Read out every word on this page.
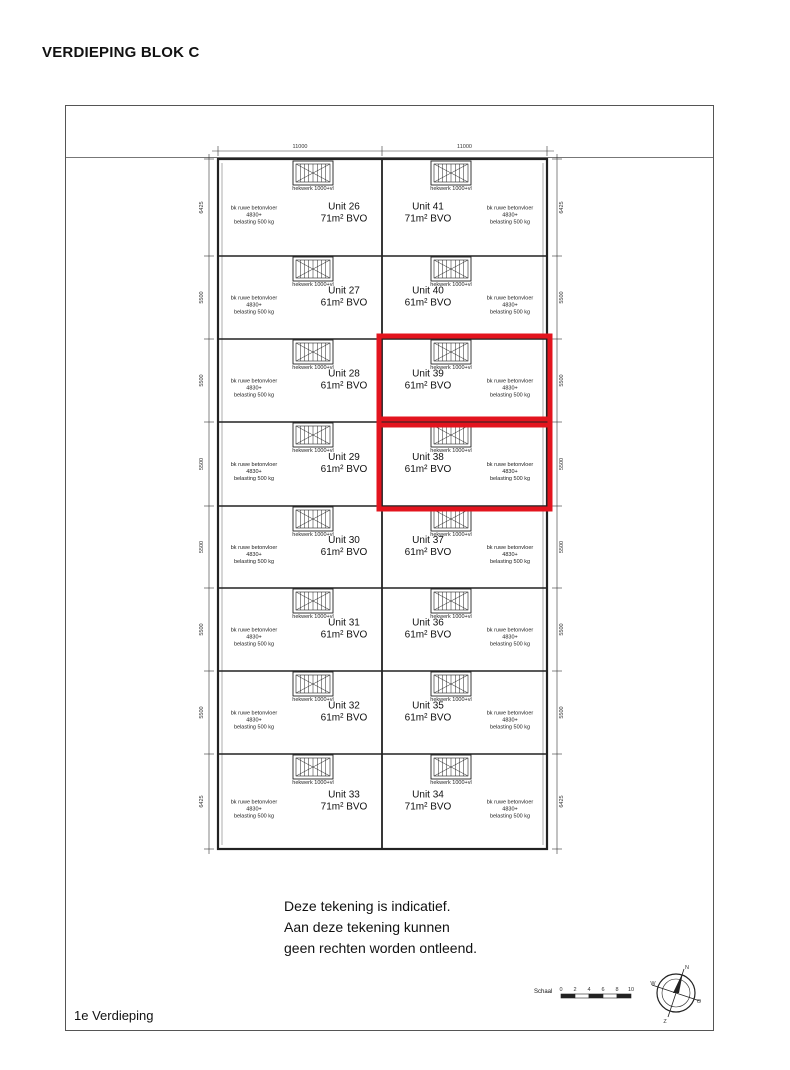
VERDIEPING BLOK C
11000	11000
6425	6425
5500	5500
5500	5500
5500	5500
5500	5500
5500	5500
5500	5500
6425	6425
hekwerk 1000+vl
bk ruwe betonvloer
4830+
belasting 500 kg
Unit 26
71m² BVO
hekwerk 1000+vl
bk ruwe betonvloer
4830+
belasting 500 kg
Unit 41
71m² BVO
hekwerk 1000+vl
bk ruwe betonvloer
4830+
belasting 500 kg
Unit 27
61m² BVO
hekwerk 1000+vl
bk ruwe betonvloer
4830+
belasting 500 kg
Unit 40
61m² BVO
hekwerk 1000+vl
bk ruwe betonvloer
4830+
belasting 500 kg
Unit 28
61m² BVO
hekwerk 1000+vl
bk ruwe betonvloer
4830+
belasting 500 kg
Unit 39
61m² BVO
hekwerk 1000+vl
bk ruwe betonvloer
4830+
belasting 500 kg
Unit 29
61m² BVO
hekwerk 1000+vl
bk ruwe betonvloer
4830+
belasting 500 kg
Unit 38
61m² BVO
hekwerk 1000+vl
bk ruwe betonvloer
4830+
belasting 500 kg
Unit 30
61m² BVO
hekwerk 1000+vl
bk ruwe betonvloer
4830+
belasting 500 kg
Unit 37
61m² BVO
hekwerk 1000+vl
bk ruwe betonvloer
4830+
belasting 500 kg
Unit 31
61m² BVO
hekwerk 1000+vl
bk ruwe betonvloer
4830+
belasting 500 kg
Unit 36
61m² BVO
hekwerk 1000+vl
bk ruwe betonvloer
4830+
belasting 500 kg
Unit 32
61m² BVO
hekwerk 1000+vl
bk ruwe betonvloer
4830+
belasting 500 kg
Unit 35
61m² BVO
hekwerk 1000+vl
bk ruwe betonvloer
4830+
belasting 500 kg
Unit 33
71m² BVO
hekwerk 1000+vl
bk ruwe betonvloer
4830+
belasting 500 kg
Unit 34
71m² BVO
0 2 4 6 8 10
N
O
Z
W
Deze tekening is indicatief.
Aan deze tekening kunnen
geen rechten worden ontleend.
1e Verdieping
Schaal
